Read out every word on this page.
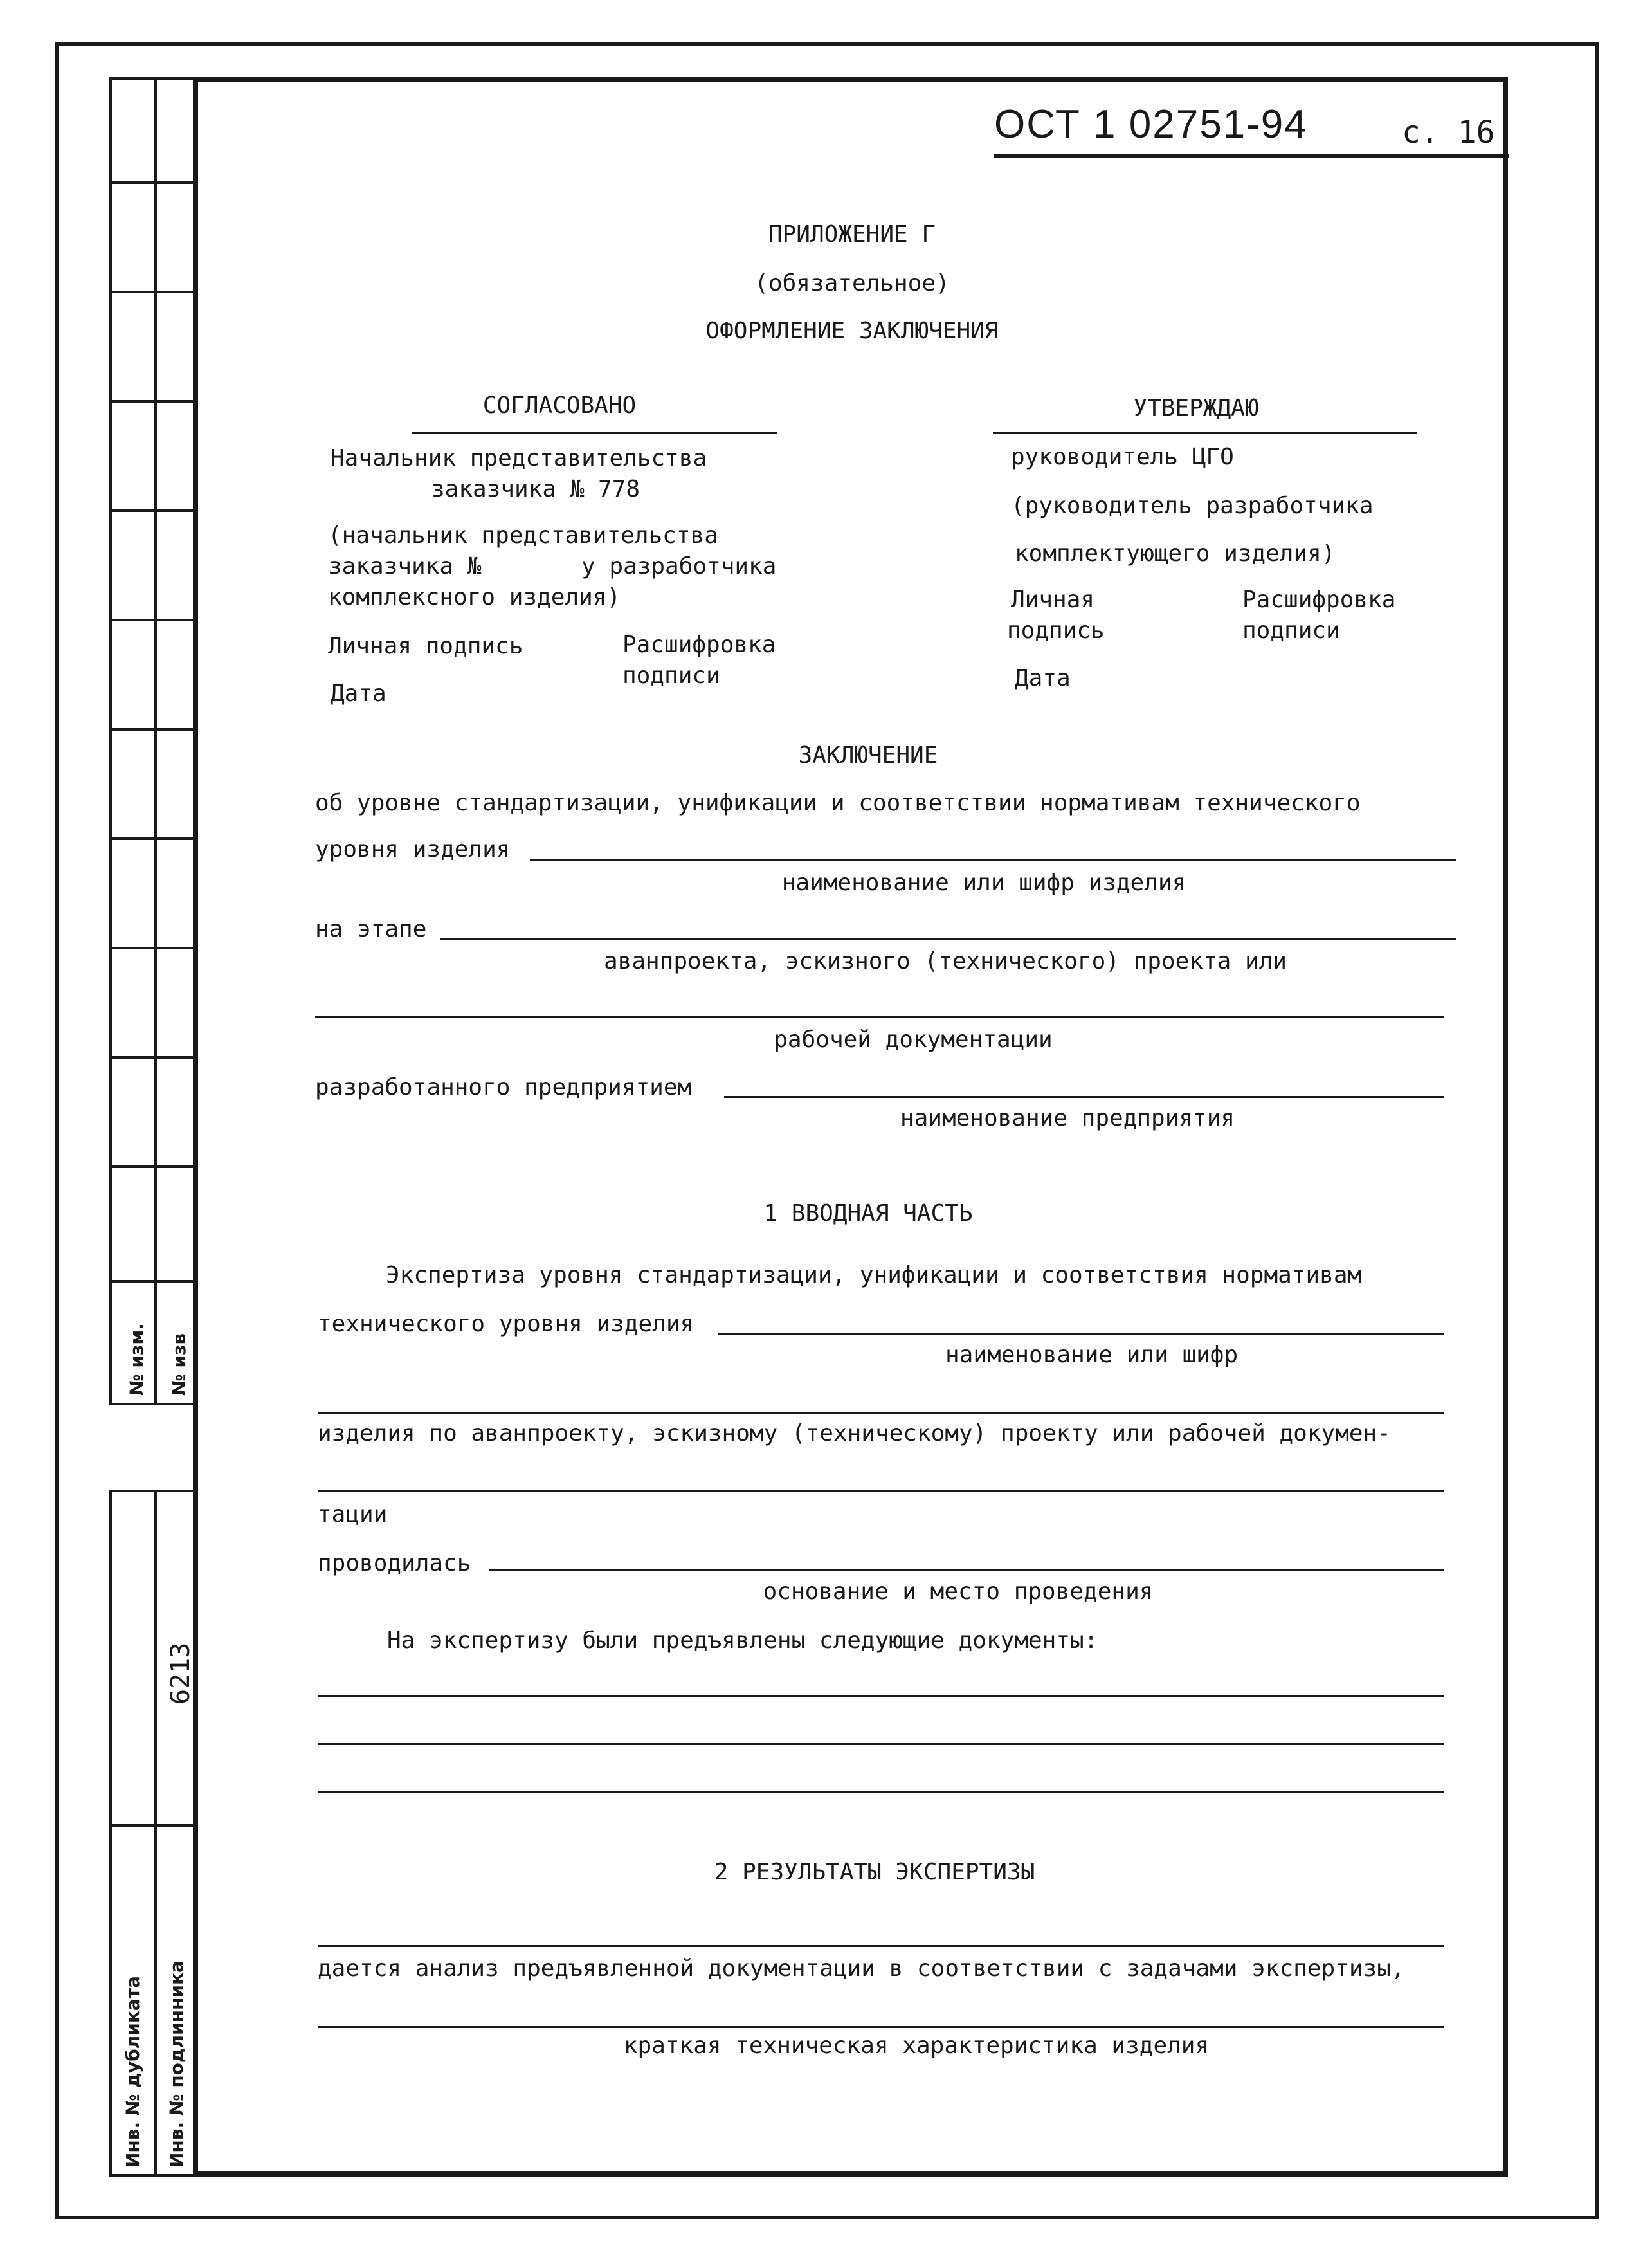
№ изм. № изв
6213
Инв. № дубликата Инв. № подлинника
ОСТ 1 02751-94	с. 16
ПРИЛОЖЕНИЕ Г
(обязательное)
ОФОРМЛЕНИЕ ЗАКЛЮЧЕНИЯ
СОГЛАСОВАНО
Начальник представительства
заказчика № 778
(начальник представительства
заказчика №	у разработчика
комплексного изделия)
Личная подпись	Расшифровка
подписи
Дата
УТВЕРЖДАЮ
руководитель ЦГО
(руководитель разработчика
комплектующего изделия)
Личная
подпись
Расшифровка
подписи
Дата
ЗАКЛЮЧЕНИЕ
об уровне стандартизации, унификации и соответствии нормативам технического
уровня изделия
наименование или шифр изделия
на этапе
аванпроекта, эскизного (технического) проекта или
рабочей документации
разработанного предприятием
наименование предприятия
1 ВВОДНАЯ ЧАСТЬ
Экспертиза уровня стандартизации, унификации и соответствия нормативам
технического уровня изделия
наименование или шифр
изделия по аванпроекту, эскизному (техническому) проекту или рабочей докумен-
тации
проводилась
основание и место проведения
На экспертизу были предъявлены следующие документы:
2 РЕЗУЛЬТАТЫ ЭКСПЕРТИЗЫ
дается анализ предъявленной документации в соответствии с задачами экспертизы,
краткая техническая характеристика изделия
